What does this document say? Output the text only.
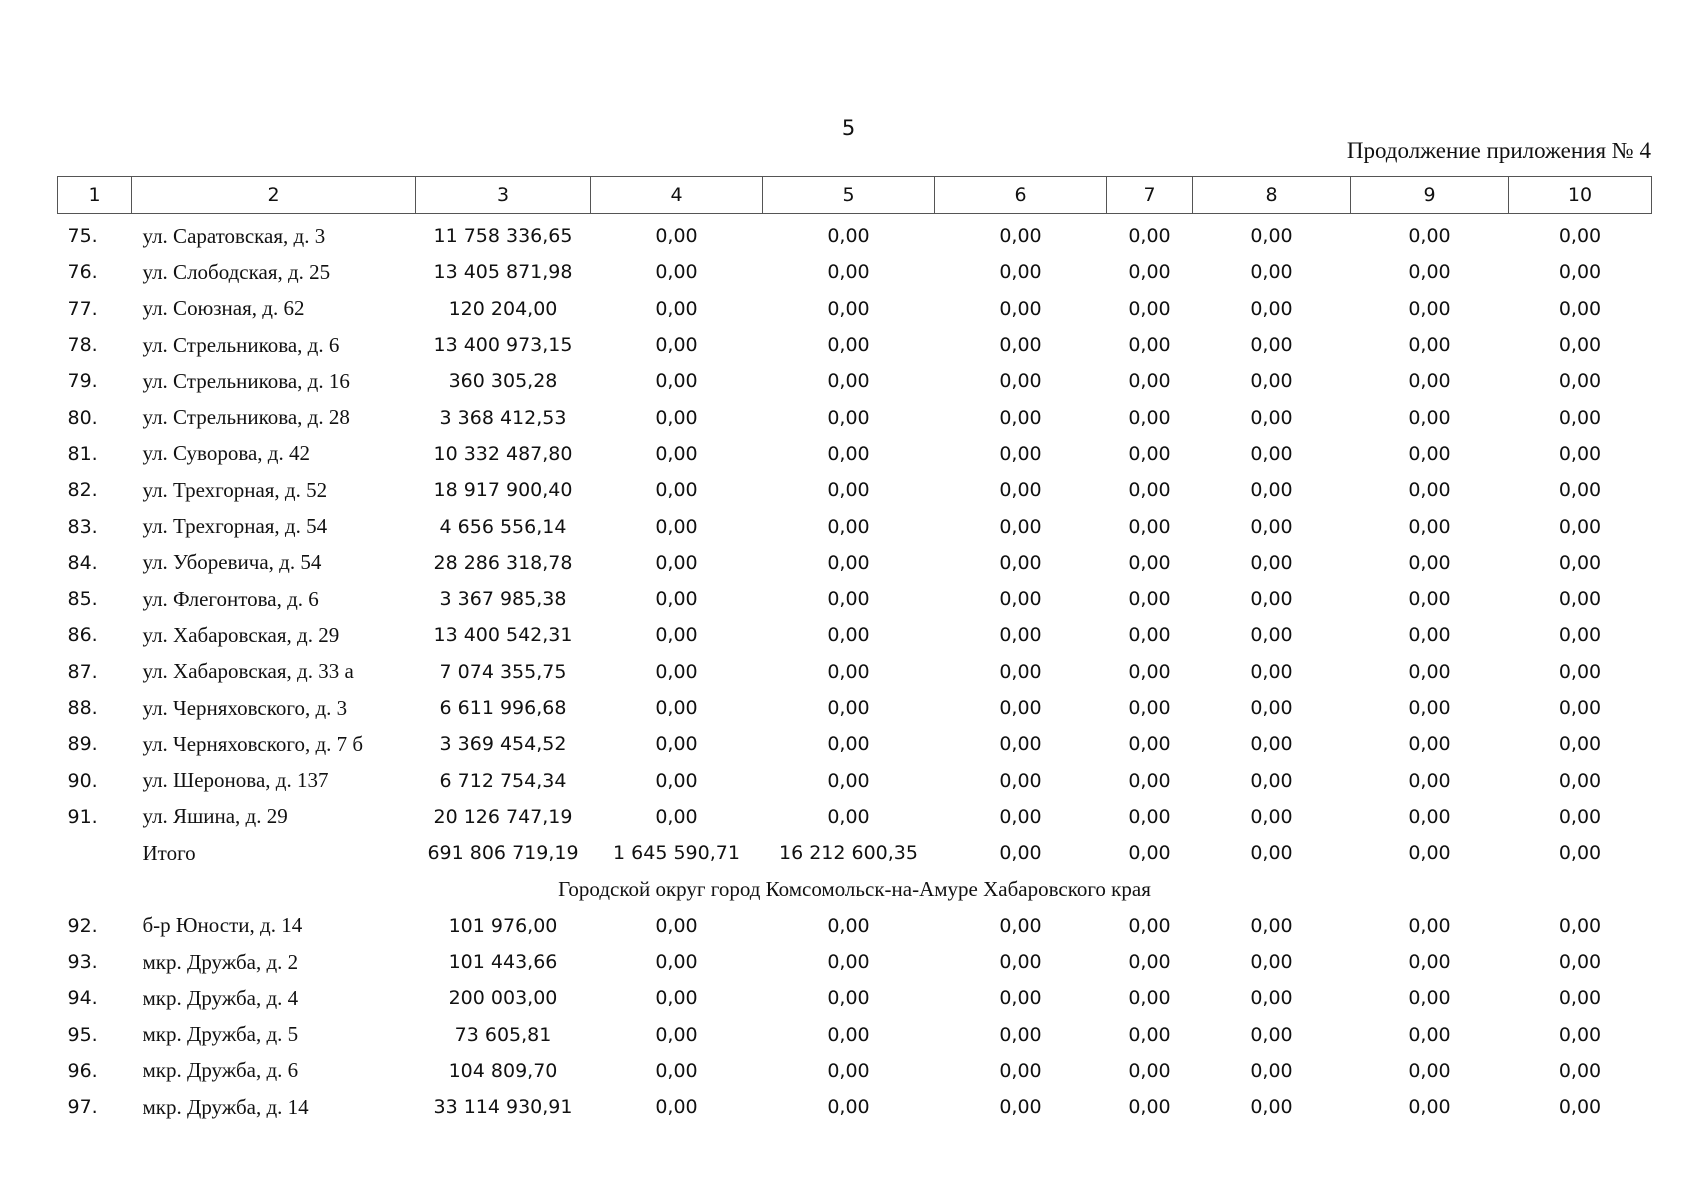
5
Продолжение приложения № 4
1	2	3	4	5	6	7	8	9	10
75.	ул. Саратовская, д. 3	11 758 336,65	0,00	0,00	0,00	0,00	0,00	0,00	0,00
76.	ул. Слободская, д. 25	13 405 871,98	0,00	0,00	0,00	0,00	0,00	0,00	0,00
77.	ул. Союзная, д. 62	120 204,00	0,00	0,00	0,00	0,00	0,00	0,00	0,00
78.	ул. Стрельникова, д. 6	13 400 973,15	0,00	0,00	0,00	0,00	0,00	0,00	0,00
79.	ул. Стрельникова, д. 16	360 305,28	0,00	0,00	0,00	0,00	0,00	0,00	0,00
80.	ул. Стрельникова, д. 28	3 368 412,53	0,00	0,00	0,00	0,00	0,00	0,00	0,00
81.	ул. Суворова, д. 42	10 332 487,80	0,00	0,00	0,00	0,00	0,00	0,00	0,00
82.	ул. Трехгорная, д. 52	18 917 900,40	0,00	0,00	0,00	0,00	0,00	0,00	0,00
83.	ул. Трехгорная, д. 54	4 656 556,14	0,00	0,00	0,00	0,00	0,00	0,00	0,00
84.	ул. Уборевича, д. 54	28 286 318,78	0,00	0,00	0,00	0,00	0,00	0,00	0,00
85.	ул. Флегонтова, д. 6	3 367 985,38	0,00	0,00	0,00	0,00	0,00	0,00	0,00
86.	ул. Хабаровская, д. 29	13 400 542,31	0,00	0,00	0,00	0,00	0,00	0,00	0,00
87.	ул. Хабаровская, д. 33 а	7 074 355,75	0,00	0,00	0,00	0,00	0,00	0,00	0,00
88.	ул. Черняховского, д. 3	6 611 996,68	0,00	0,00	0,00	0,00	0,00	0,00	0,00
89.	ул. Черняховского, д. 7 б	3 369 454,52	0,00	0,00	0,00	0,00	0,00	0,00	0,00
90.	ул. Шеронова, д. 137	6 712 754,34	0,00	0,00	0,00	0,00	0,00	0,00	0,00
91.	ул. Яшина, д. 29	20 126 747,19	0,00	0,00	0,00	0,00	0,00	0,00	0,00
	Итого	691 806 719,19	1 645 590,71	16 212 600,35	0,00	0,00	0,00	0,00	0,00
Городской округ город Комсомольск-на-Амуре Хабаровского края									
92.	б-р Юности, д. 14	101 976,00	0,00	0,00	0,00	0,00	0,00	0,00	0,00
93.	мкр. Дружба, д. 2	101 443,66	0,00	0,00	0,00	0,00	0,00	0,00	0,00
94.	мкр. Дружба, д. 4	200 003,00	0,00	0,00	0,00	0,00	0,00	0,00	0,00
95.	мкр. Дружба, д. 5	73 605,81	0,00	0,00	0,00	0,00	0,00	0,00	0,00
96.	мкр. Дружба, д. 6	104 809,70	0,00	0,00	0,00	0,00	0,00	0,00	0,00
97.	мкр. Дружба, д. 14	33 114 930,91	0,00	0,00	0,00	0,00	0,00	0,00	0,00
